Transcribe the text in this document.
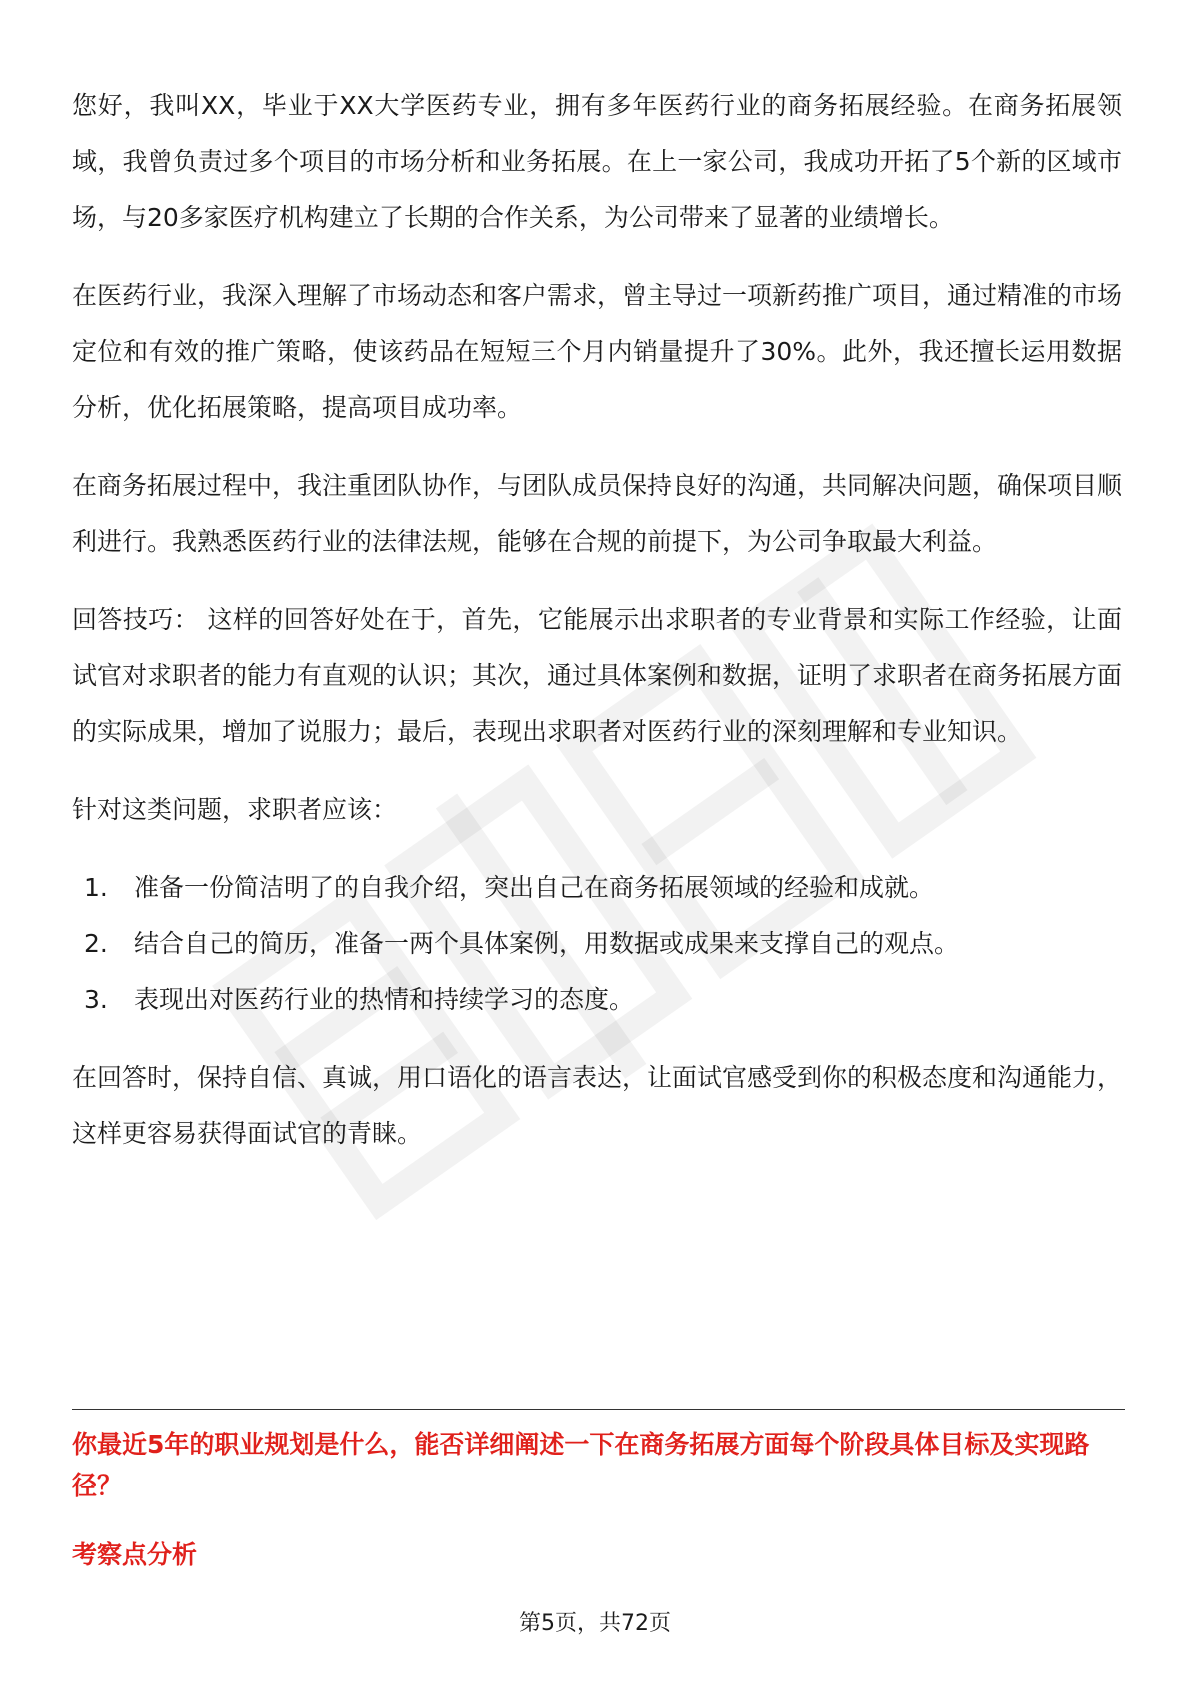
您好，我叫XX，毕业于XX大学医药专业，拥有多年医药行业的商务拓展经验。在商务拓展领域，我曾负责过多个项目的市场分析和业务拓展。在上一家公司，我成功开拓了5个新的区域市场，与20多家医疗机构建立了长期的合作关系，为公司带来了显著的业绩增长。

在医药行业，我深入理解了市场动态和客户需求，曾主导过一项新药推广项目，通过精准的市场定位和有效的推广策略，使该药品在短短三个月内销量提升了30%。此外，我还擅长运用数据分析，优化拓展策略，提高项目成功率。

在商务拓展过程中，我注重团队协作，与团队成员保持良好的沟通，共同解决问题，确保项目顺利进行。我熟悉医药行业的法律法规，能够在合规的前提下，为公司争取最大利益。

回答技巧： 这样的回答好处在于，首先，它能展示出求职者的专业背景和实际工作经验，让面试官对求职者的能力有直观的认识；其次，通过具体案例和数据，证明了求职者在商务拓展方面的实际成果，增加了说服力；最后，表现出求职者对医药行业的深刻理解和专业知识。

针对这类问题，求职者应该：

1.	准备一份简洁明了的自我介绍，突出自己在商务拓展领域的经验和成就。
2.	结合自己的简历，准备一两个具体案例，用数据或成果来支撑自己的观点。
3.	表现出对医药行业的热情和持续学习的态度。

在回答时，保持自信、真诚，用口语化的语言表达，让面试官感受到你的积极态度和沟通能力，这样更容易获得面试官的青睐。

你最近5年的职业规划是什么，能否详细阐述一下在商务拓展方面每个阶段具体目标及实现路径？

考察点分析

第5页，共72页
